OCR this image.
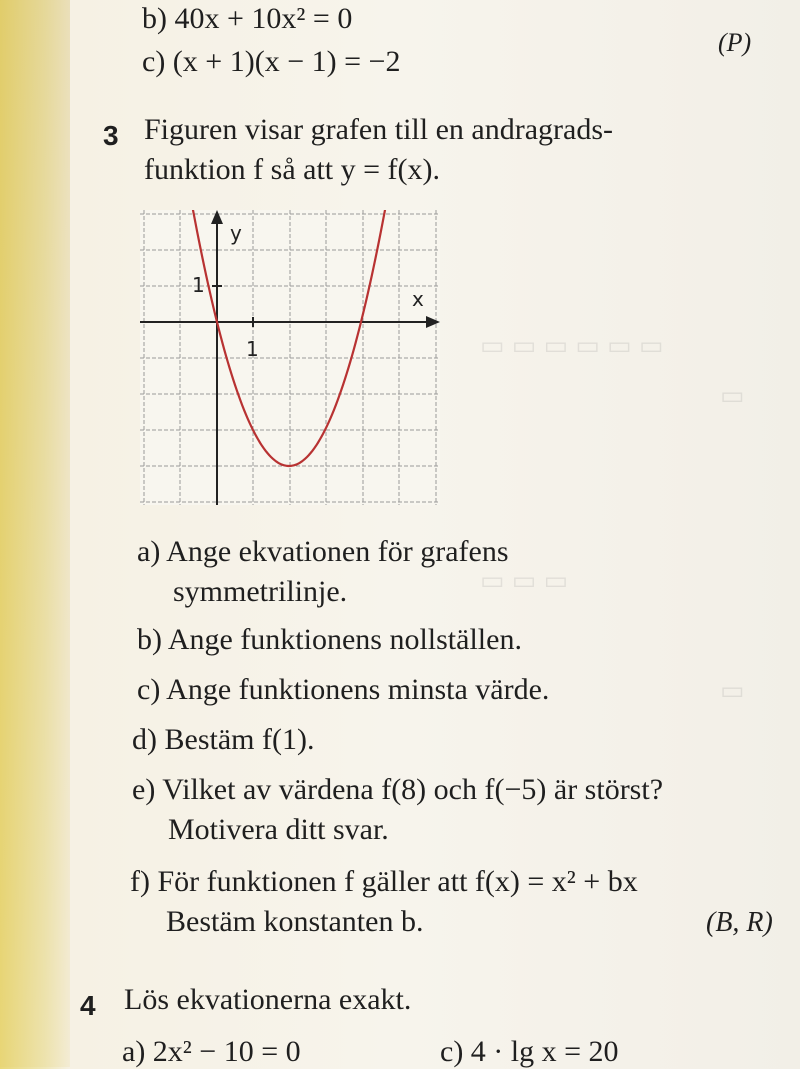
▭ ▭ ▭ ▭ ▭ ▭
▭
▭ ▭ ▭
▭
b) 40x + 10x² = 0
c) (x + 1)(x − 1) = −2
(P)
3 Figuren visar grafen till en andragrads-
funktion f så att y = f(x).
y
x
1
1
a) Ange ekvationen för grafens
symmetrilinje.
b) Ange funktionens nollställen.
c) Ange funktionens minsta värde.
d) Bestäm f(1).
e) Vilket av värdena f(8) och f(−5) är störst?
Motivera ditt svar.
f) För funktionen f gäller att f(x) = x² + bx
Bestäm konstanten b.	(B, R)
4 Lös ekvationerna exakt.
a) 2x² − 10 = 0	c) 4 · lg x = 20
